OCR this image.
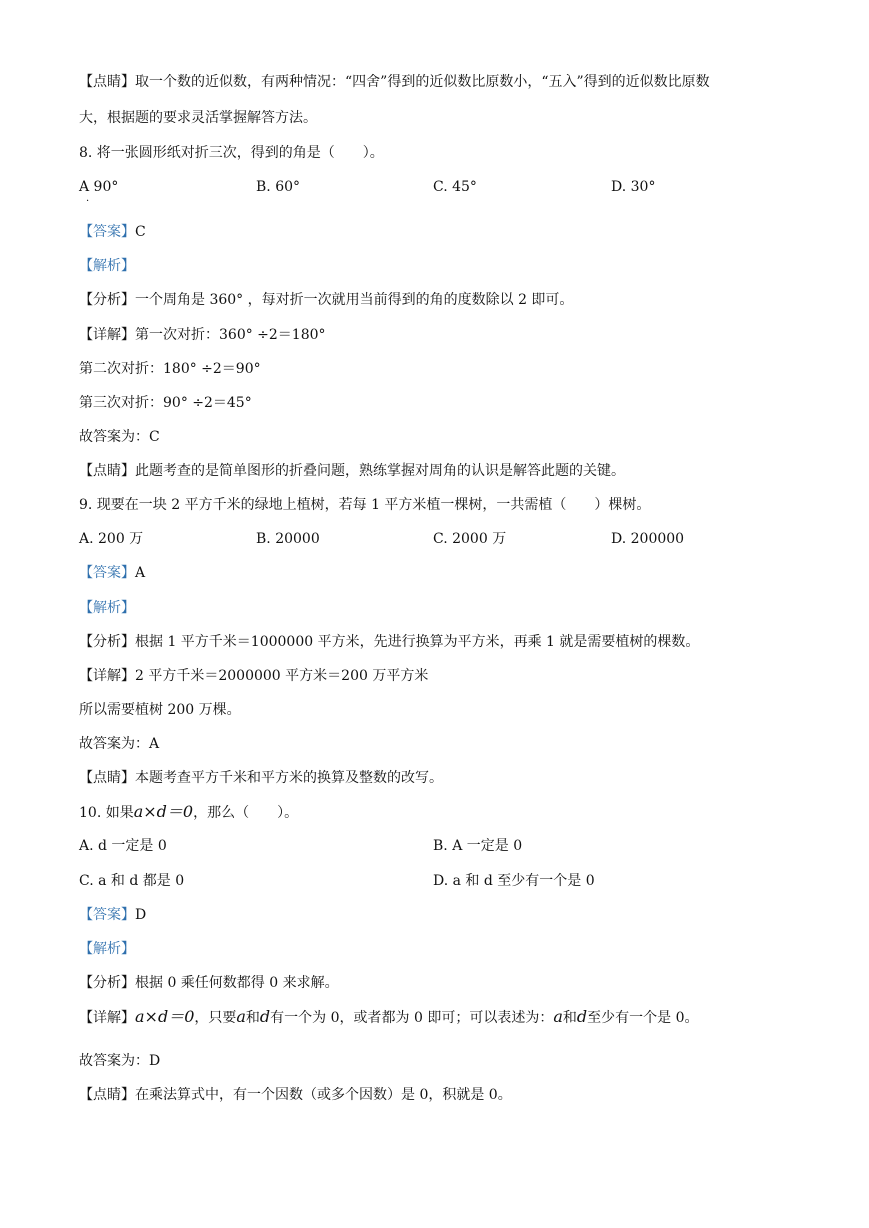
【点睛】取一个数的近似数，有两种情况：“四舍”得到的近似数比原数小，“五入”得到的近似数比原数
大，根据题的要求灵活掌握解答方法。
8. 将一张圆形纸对折三次，得到的角是（　　）。
A 90°	B. 60°	C. 45°	D. 30°
·
【答案】C
【解析】
【分析】一个周角是 360° ，每对折一次就用当前得到的角的度数除以 2 即可。
【详解】第一次对折：360° ÷2＝180°
第二次对折：180° ÷2＝90°
第三次对折：90° ÷2＝45°
故答案为：C
【点睛】此题考查的是简单图形的折叠问题，熟练掌握对周角的认识是解答此题的关键。
9. 现要在一块 2 平方千米的绿地上植树，若每 1 平方米植一棵树，一共需植（　　）棵树。
A. 200 万	B. 20000	C. 2000 万	D. 200000
【答案】A
【解析】
【分析】根据 1 平方千米＝1000000 平方米，先进行换算为平方米，再乘 1 就是需要植树的棵数。
【详解】2 平方千米＝2000000 平方米＝200 万平方米
所以需要植树 200 万棵。
故答案为：A
【点睛】本题考查平方千米和平方米的换算及整数的改写。
10. 如果a×d＝0，那么（　　）。
A. d 一定是 0	B. A 一定是 0
C. a 和 d 都是 0	D. a 和 d 至少有一个是 0
【答案】D
【解析】
【分析】根据 0 乘任何数都得 0 来求解。
【详解】a×d＝0，只要a和d有一个为 0，或者都为 0 即可；可以表述为：a和d至少有一个是 0。
故答案为：D
【点睛】在乘法算式中，有一个因数（或多个因数）是 0，积就是 0。
